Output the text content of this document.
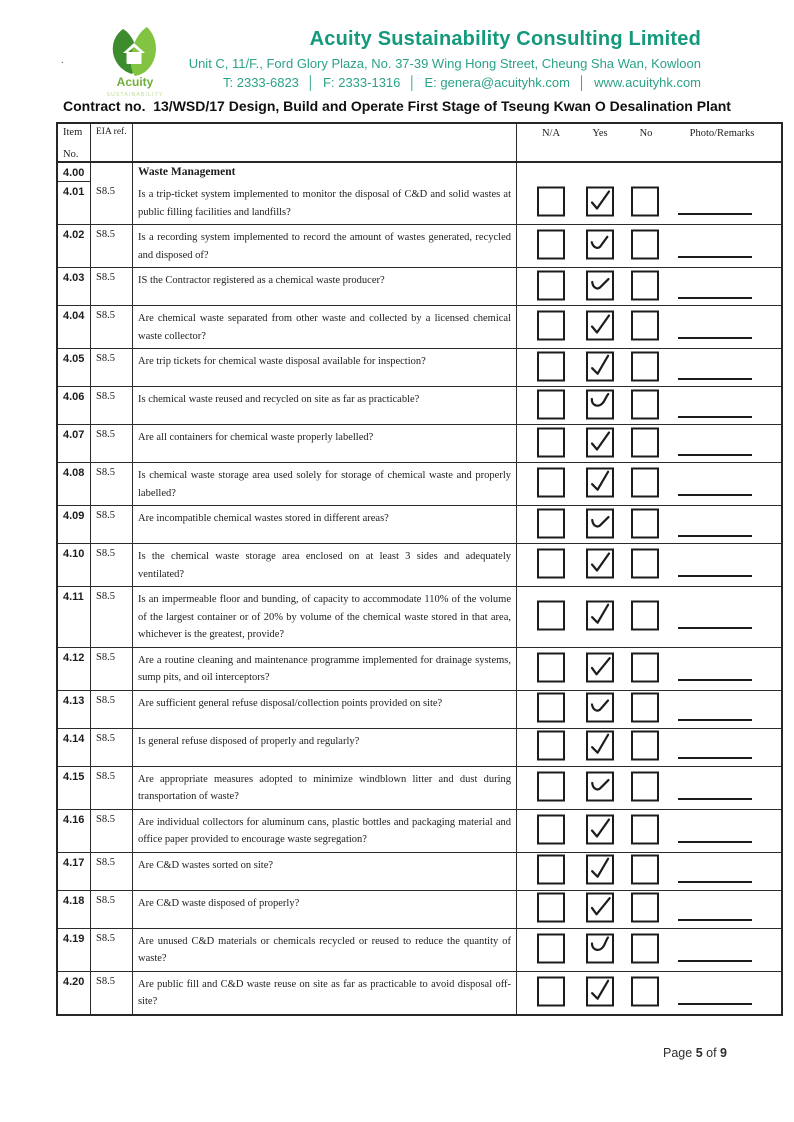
.
Acuity
SUSTAINABILITY
Acuity Sustainability Consulting Limited
Unit C, 11/F., Ford Glory Plaza, No. 37-39 Wing Hong Street, Cheung Sha Wan, Kowloon
T: 2333-6823 │ F: 2333-1316 │ E: genera@acuityhk.com │ www.acuityhk.com
Contract no.  13/WSD/17 Design, Build and Operate First Stage of Tseung Kwan O Desalination Plant
Item
No.
EIA ref.	N/A	Yes	No	Photo/Remarks
4.00	Waste Management
4.01	S8.5	Is a trip-ticket system implemented to monitor the disposal of C&D and solid wastes at public filling facilities and landfills?
4.02	S8.5	Is a recording system implemented to record the amount of wastes generated, recycled and disposed of?
4.03	S8.5	IS the Contractor registered as a chemical waste producer?
4.04	S8.5	Are chemical waste separated from other waste and collected by a licensed chemical waste collector?
4.05	S8.5	Are trip tickets for chemical waste disposal available for inspection?
4.06	S8.5	Is chemical waste reused and recycled on site as far as practicable?
4.07	S8.5	Are all containers for chemical waste properly labelled?
4.08	S8.5	Is chemical waste storage area used solely for storage of chemical waste and properly labelled?
4.09	S8.5	Are incompatible chemical wastes stored in different areas?
4.10	S8.5	Is the chemical waste storage area enclosed on at least 3 sides and adequately ventilated?
4.11	S8.5	Is an impermeable floor and bunding, of capacity to accommodate 110% of the volume of the largest container or of 20% by volume of the chemical waste stored in that area, whichever is the greatest, provide?
4.12	S8.5	Are a routine cleaning and maintenance programme implemented for drainage systems, sump pits, and oil interceptors?
4.13	S8.5	Are sufficient general refuse disposal/collection points provided on site?
4.14	S8.5	Is general refuse disposed of properly and regularly?
4.15	S8.5	Are appropriate measures adopted to minimize windblown litter and dust during transportation of waste?
4.16	S8.5	Are individual collectors for aluminum cans, plastic bottles and packaging material and office paper provided to encourage waste segregation?
4.17	S8.5	Are C&D wastes sorted on site?
4.18	S8.5	Are C&D waste disposed of properly?
4.19	S8.5	Are unused C&D materials or chemicals recycled or reused to reduce the quantity of waste?
4.20	S8.5	Are public fill and C&D waste reuse on site as far as practicable to avoid disposal off-site?
Page 5 of 9
